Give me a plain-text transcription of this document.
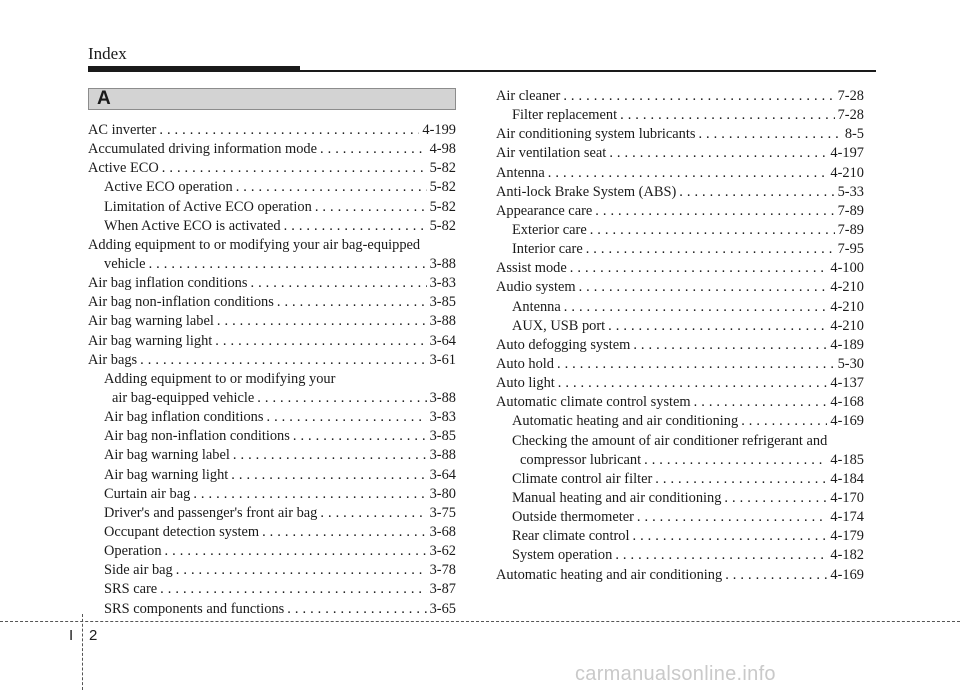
Index
A
AC inverter . . .	4-199
Accumulated driving information mode . . .	4-98
Active ECO . . .	5-82
Active ECO operation . . .	5-82
Limitation of Active ECO operation . . .	5-82
When Active ECO is activated . . .	5-82
Adding equipment to or modifying your air bag-equipped
vehicle . . .	3-88
Air bag inflation conditions . . .	3-83
Air bag non-inflation conditions . . .	3-85
Air bag warning label . . .	3-88
Air bag warning light . . .	3-64
Air bags . . .	3-61
Adding equipment to or modifying your
air bag-equipped vehicle . . .	3-88
Air bag inflation conditions . . .	3-83
Air bag non-inflation conditions . . .	3-85
Air bag warning label . . .	3-88
Air bag warning light . . .	3-64
Curtain air bag . . .	3-80
Driver's and passenger's front air bag . . .	3-75
Occupant detection system . . .	3-68
Operation . . .	3-62
Side air bag . . .	3-78
SRS care . . .	3-87
SRS components and functions . . .	3-65
Air cleaner . . .	7-28
Filter replacement . . .	7-28
Air conditioning system lubricants . . .	8-5
Air ventilation seat . . .	4-197
Antenna . . .	4-210
Anti-lock Brake System (ABS) . . .	5-33
Appearance care . . .	7-89
Exterior care . . .	7-89
Interior care . . .	7-95
Assist mode . . .	4-100
Audio system . . .	4-210
Antenna . . .	4-210
AUX, USB port . . .	4-210
Auto defogging system . . .	4-189
Auto hold . . .	5-30
Auto light . . .	4-137
Automatic climate control system . . .	4-168
Automatic heating and air conditioning . . .	4-169
Checking the amount of air conditioner refrigerant and
compressor lubricant . . .	4-185
Climate control air filter . . .	4-184
Manual heating and air conditioning . . .	4-170
Outside thermometer . . .	4-174
Rear climate control . . .	4-179
System operation . . .	4-182
Automatic heating and air conditioning . . .	4-169
I 2
carmanualsonline.info
